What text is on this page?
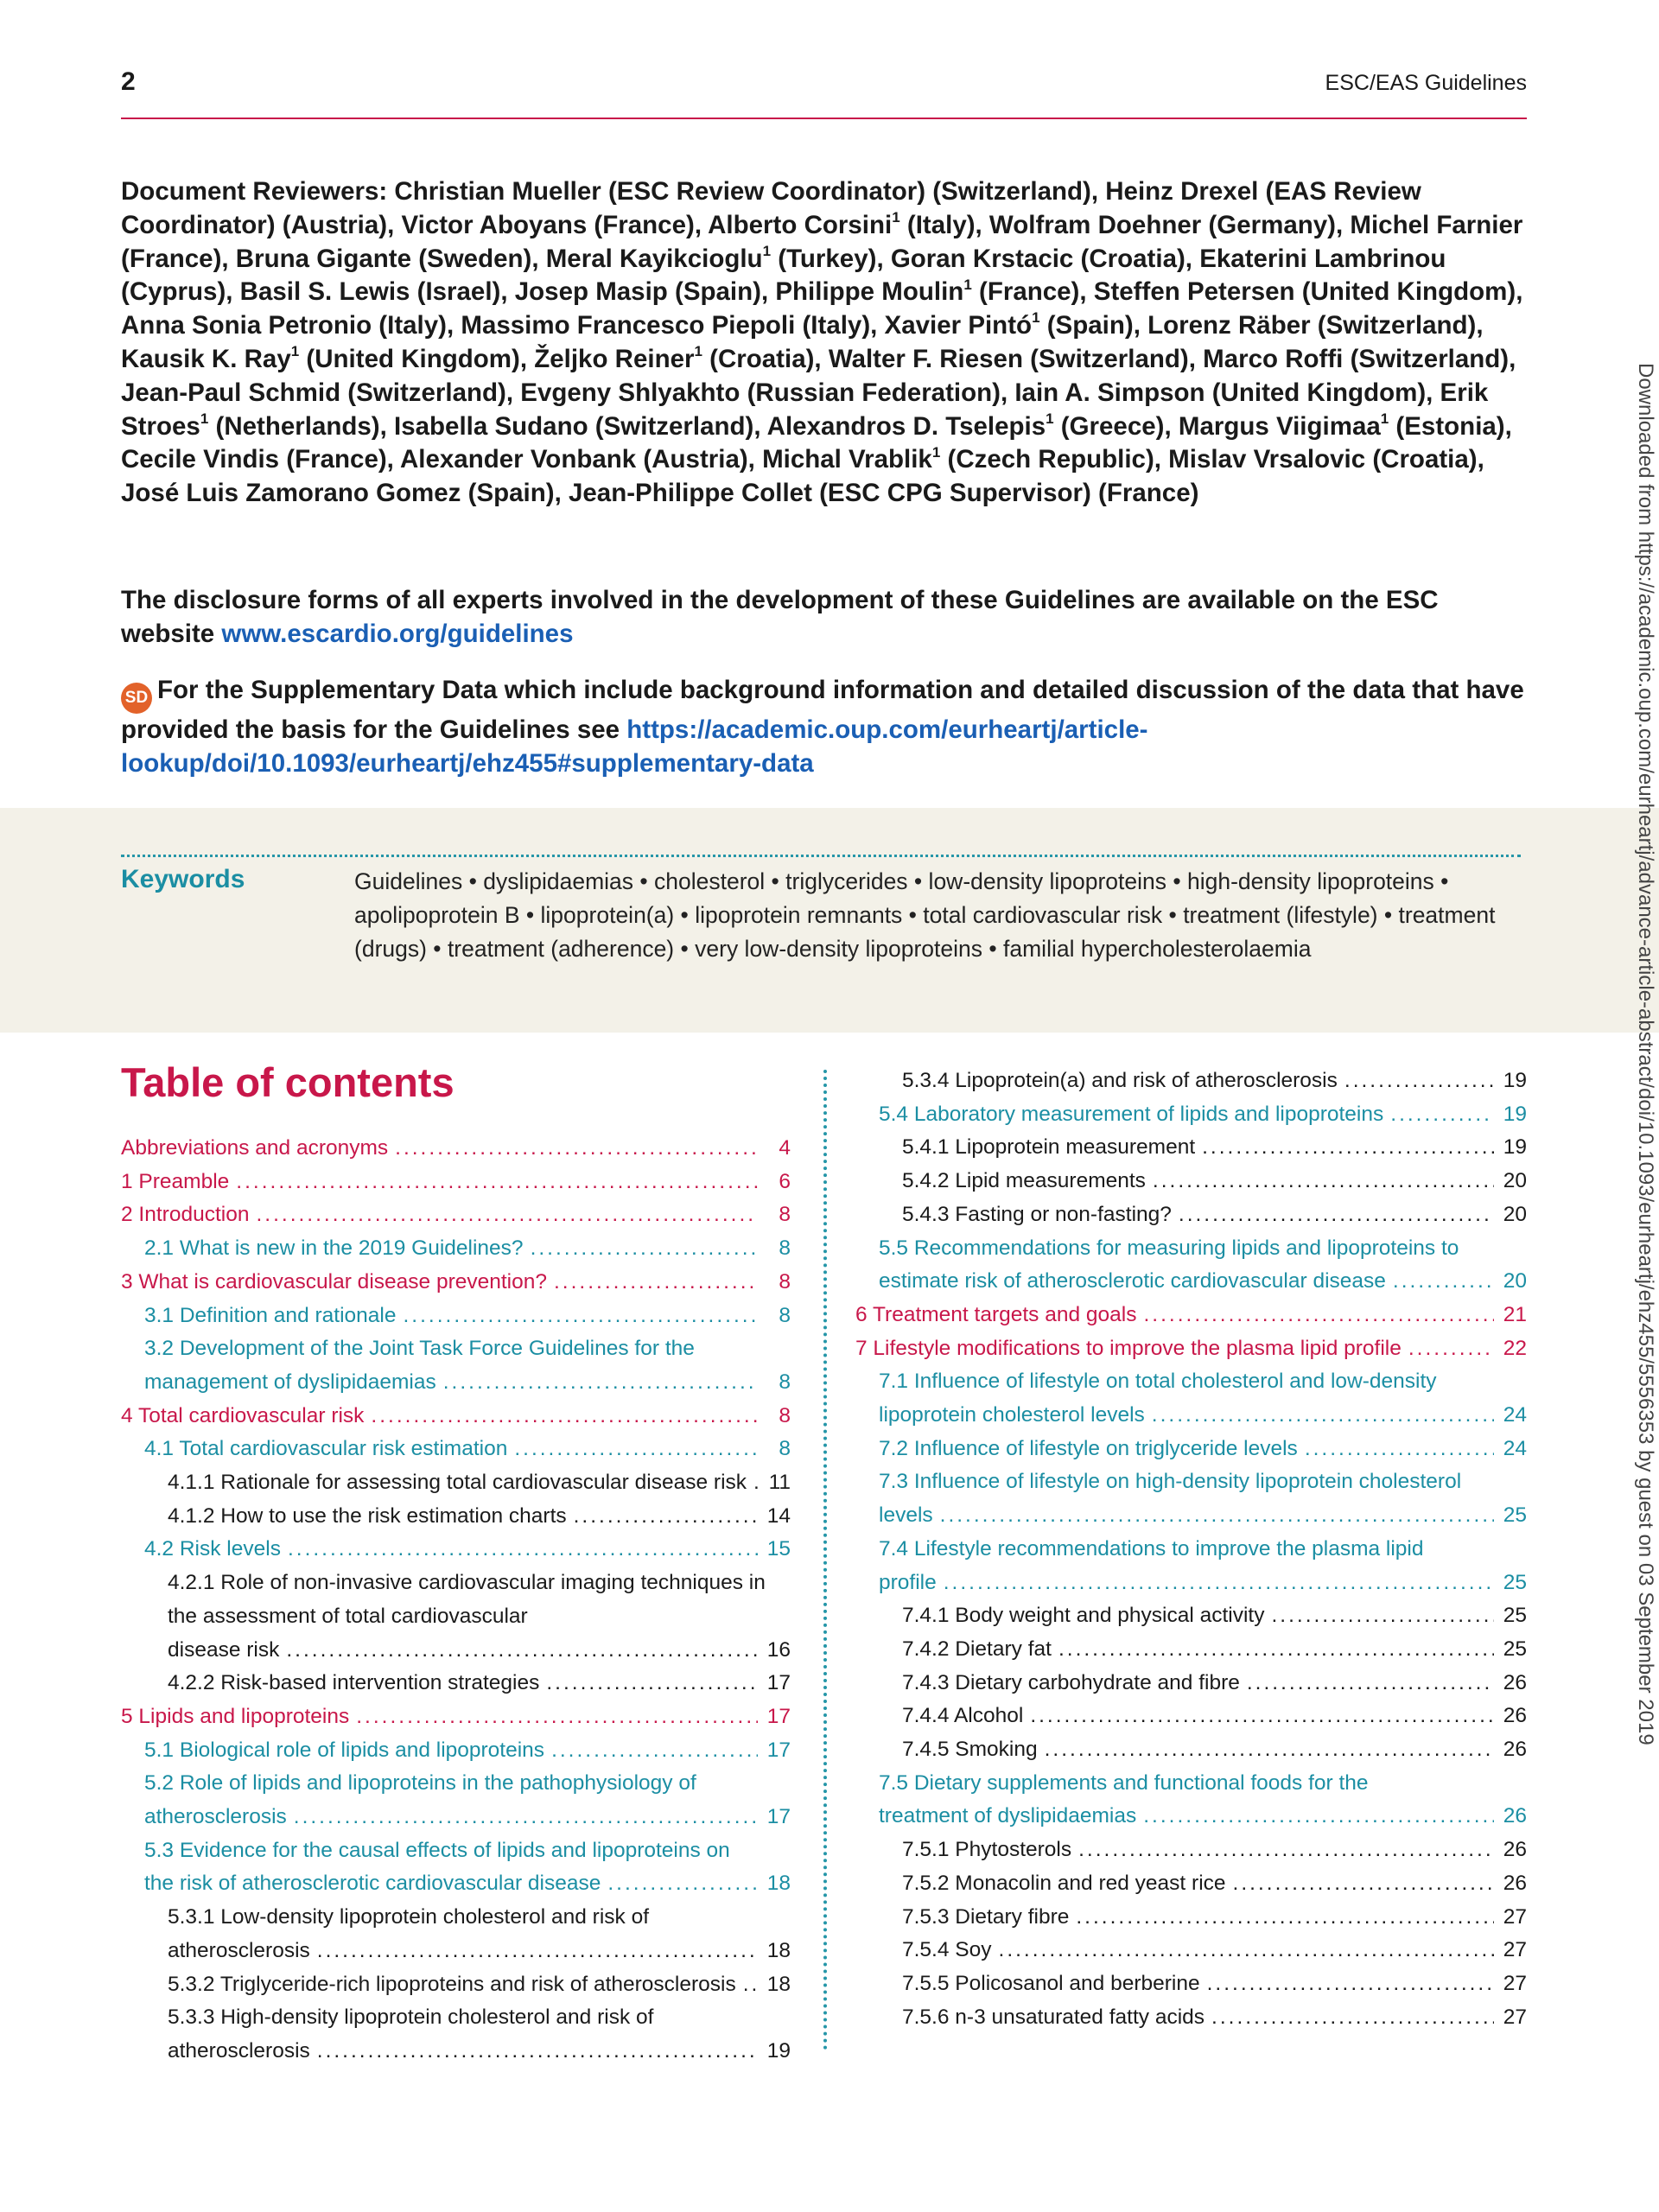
2	ESC/EAS Guidelines
Document Reviewers: Christian Mueller (ESC Review Coordinator) (Switzerland), Heinz Drexel (EAS Review Coordinator) (Austria), Victor Aboyans (France), Alberto Corsini$^1$ (Italy), Wolfram Doehner (Germany), Michel Farnier (France), Bruna Gigante (Sweden), Meral Kayikcioglu$^1$ (Turkey), Goran Krstacic (Croatia), Ekaterini Lambrinou (Cyprus), Basil S. Lewis (Israel), Josep Masip (Spain), Philippe Moulin$^1$ (France), Steffen Petersen (United Kingdom), Anna Sonia Petronio (Italy), Massimo Francesco Piepoli (Italy), Xavier Pintó$^1$ (Spain), Lorenz Räber (Switzerland), Kausik K. Ray$^1$ (United Kingdom), Željko Reiner$^1$ (Croatia), Walter F. Riesen (Switzerland), Marco Roffi (Switzerland), Jean-Paul Schmid (Switzerland), Evgeny Shlyakhto (Russian Federation), Iain A. Simpson (United Kingdom), Erik Stroes$^1$ (Netherlands), Isabella Sudano (Switzerland), Alexandros D. Tselepis$^1$ (Greece), Margus Viigimaa$^1$ (Estonia), Cecile Vindis (France), Alexander Vonbank (Austria), Michal Vrablik$^1$ (Czech Republic), Mislav Vrsalovic (Croatia), José Luis Zamorano Gomez (Spain), Jean-Philippe Collet (ESC CPG Supervisor) (France)
The disclosure forms of all experts involved in the development of these Guidelines are available on the ESC website www.escardio.org/guidelines
SD For the Supplementary Data which include background information and detailed discussion of the data that have provided the basis for the Guidelines see https://academic.oup.com/eurheartj/article-lookup/doi/10.1093/eurheartj/ehz455#supplementary-data
Keywords	Guidelines • dyslipidaemias • cholesterol • triglycerides • low-density lipoproteins • high-density lipoproteins • apolipoprotein B • lipoprotein(a) • lipoprotein remnants • total cardiovascular risk • treatment (lifestyle) • treatment (drugs) • treatment (adherence) • very low-density lipoproteins • familial hypercholesterolaemia
Table of contents
Abbreviations and acronyms .....	4
1 Preamble .....	6
2 Introduction .....	8
2.1 What is new in the 2019 Guidelines? .....	8
3 What is cardiovascular disease prevention? .....	8
3.1 Definition and rationale .....	8
3.2 Development of the Joint Task Force Guidelines for the
management of dyslipidaemias .....	8
4 Total cardiovascular risk .....	8
4.1 Total cardiovascular risk estimation .....	8
4.1.1 Rationale for assessing total cardiovascular disease risk ..... 11
4.1.2 How to use the risk estimation charts .....	14
4.2 Risk levels .....	15
4.2.1 Role of non-invasive cardiovascular imaging techniques in the assessment of total cardiovascular
disease risk .....	16
4.2.2 Risk-based intervention strategies .....	17
5 Lipids and lipoproteins .....	17
5.1 Biological role of lipids and lipoproteins .....	17
5.2 Role of lipids and lipoproteins in the pathophysiology of
atherosclerosis .....	17
5.3 Evidence for the causal effects of lipids and lipoproteins on
the risk of atherosclerotic cardiovascular disease .....	18
5.3.1 Low-density lipoprotein cholesterol and risk of
atherosclerosis .....	18
5.3.2 Triglyceride-rich lipoproteins and risk of atherosclerosis ..... 18
5.3.3 High-density lipoprotein cholesterol and risk of
atherosclerosis .....	19
5.3.4 Lipoprotein(a) and risk of atherosclerosis .....	19
5.4 Laboratory measurement of lipids and lipoproteins .....	19
5.4.1 Lipoprotein measurement .....	19
5.4.2 Lipid measurements .....	20
5.4.3 Fasting or non-fasting? .....	20
5.5 Recommendations for measuring lipids and lipoproteins to
estimate risk of atherosclerotic cardiovascular disease .....	20
6 Treatment targets and goals .....	21
7 Lifestyle modifications to improve the plasma lipid profile .....	22
7.1 Influence of lifestyle on total cholesterol and low-density
lipoprotein cholesterol levels .....	24
7.2 Influence of lifestyle on triglyceride levels .....	24
7.3 Influence of lifestyle on high-density lipoprotein cholesterol
levels .....	25
7.4 Lifestyle recommendations to improve the plasma lipid
profile .....	25
7.4.1 Body weight and physical activity .....	25
7.4.2 Dietary fat .....	25
7.4.3 Dietary carbohydrate and fibre .....	26
7.4.4 Alcohol .....	26
7.4.5 Smoking .....	26
7.5 Dietary supplements and functional foods for the
treatment of dyslipidaemias .....	26
7.5.1 Phytosterols .....	26
7.5.2 Monacolin and red yeast rice .....	26
7.5.3 Dietary fibre .....	27
7.5.4 Soy .....	27
7.5.5 Policosanol and berberine .....	27
7.5.6 n-3 unsaturated fatty acids .....	27
Downloaded from https://academic.oup.com/eurheartj/advance-article-abstract/doi/10.1093/eurheartj/ehz455/5556353 by guest on 03 September 2019
